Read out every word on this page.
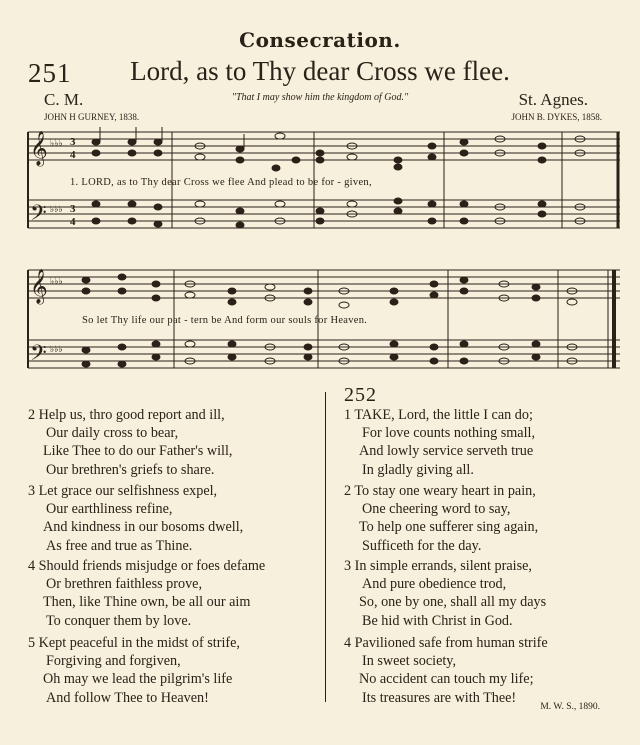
Consecration.
251	Lord, as to Thy dear Cross we flee.
C. M.	"That I may show him the kingdom of God."	St. Agnes.
JOHN H GURNEY, 1838.	JOHN B. DYKES, 1858.
𝄞
𝄢
♭♭♭
♭♭♭
3
4
3
4
1. LORD, as to Thy dear Cross we flee And plead to be for - given,
𝄞
𝄢
♭♭♭
♭♭♭
So let Thy life our pat - tern be And form our souls for Heaven.
2 Help us, thro good report and ill,
Our daily cross to bear,
Like Thee to do our Father's will,
Our brethren's griefs to share.
3 Let grace our selfishness expel,
Our earthliness refine,
And kindness in our bosoms dwell,
As free and true as Thine.
4 Should friends misjudge or foes defame
Or brethren faithless prove,
Then, like Thine own, be all our aim
To conquer them by love.
5 Kept peaceful in the midst of strife,
Forgiving and forgiven,
Oh may we lead the pilgrim's life
And follow Thee to Heaven!
252
1 TAKE, Lord, the little I can do;
For love counts nothing small,
And lowly service serveth true
In gladly giving all.
2 To stay one weary heart in pain,
One cheering word to say,
To help one sufferer sing again,
Sufficeth for the day.
3 In simple errands, silent praise,
And pure obedience trod,
So, one by one, shall all my days
Be hid with Christ in God.
4 Pavilioned safe from human strife
In sweet society,
No accident can touch my life;
Its treasures are with Thee!
M. W. S., 1890.
